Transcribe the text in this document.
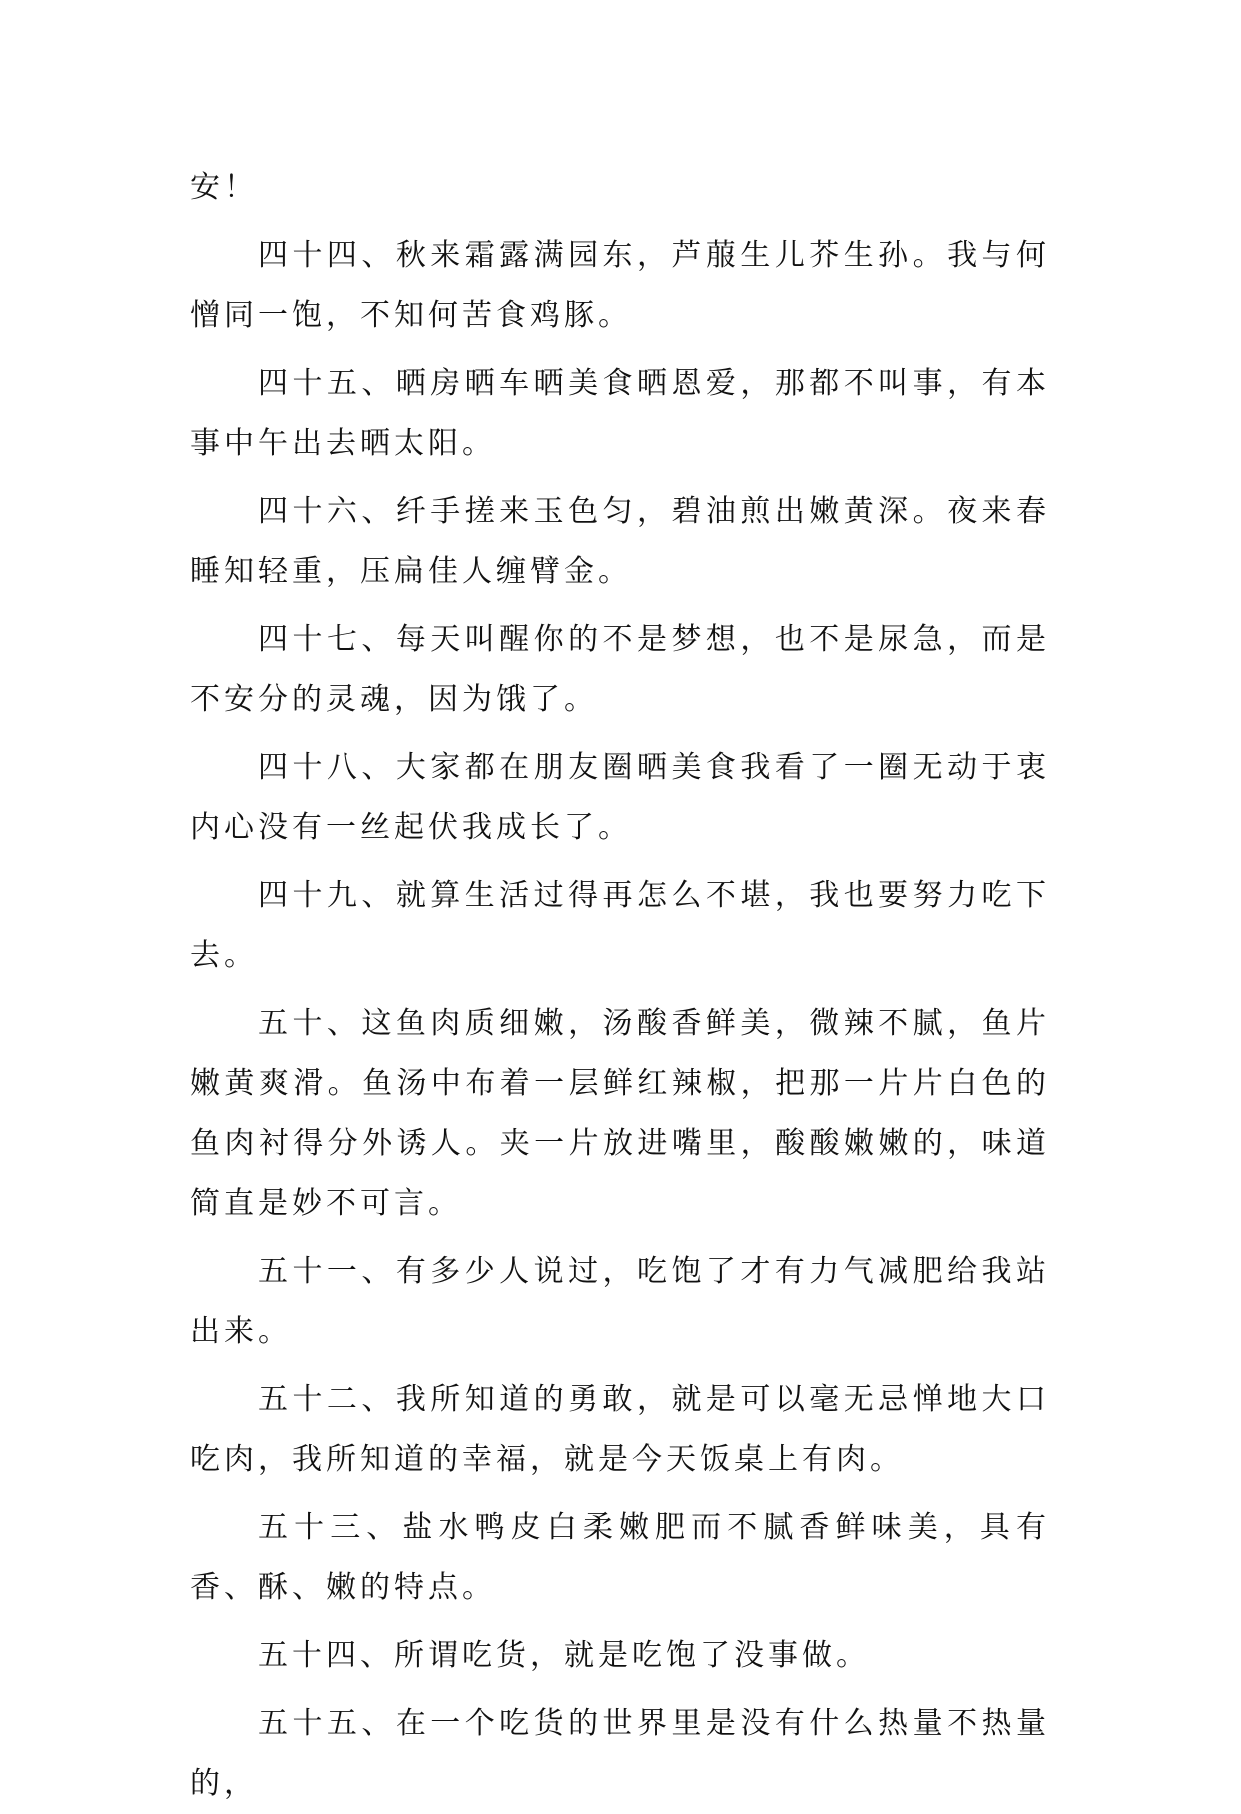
安！

四十四、秋来霜露满园东，芦菔生儿芥生孙。我与何憎同一饱，不知何苦食鸡豚。

四十五、晒房晒车晒美食晒恩爱，那都不叫事，有本事中午出去晒太阳。

四十六、纤手搓来玉色匀，碧油煎出嫩黄深。夜来春睡知轻重，压扁佳人缠臂金。

四十七、每天叫醒你的不是梦想，也不是尿急，而是不安分的灵魂，因为饿了。

四十八、大家都在朋友圈晒美食我看了一圈无动于衷内心没有一丝起伏我成长了。

四十九、就算生活过得再怎么不堪，我也要努力吃下去。

五十、这鱼肉质细嫩，汤酸香鲜美，微辣不腻，鱼片嫩黄爽滑。鱼汤中布着一层鲜红辣椒，把那一片片白色的鱼肉衬得分外诱人。夹一片放进嘴里，酸酸嫩嫩的，味道简直是妙不可言。

五十一、有多少人说过，吃饱了才有力气减肥给我站出来。

五十二、我所知道的勇敢，就是可以毫无忌惮地大口吃肉，我所知道的幸福，就是今天饭桌上有肉。

五十三、盐水鸭皮白柔嫩肥而不腻香鲜味美，具有香、酥、嫩的特点。

五十四、所谓吃货，就是吃饱了没事做。

五十五、在一个吃货的世界里是没有什么热量不热量的，
